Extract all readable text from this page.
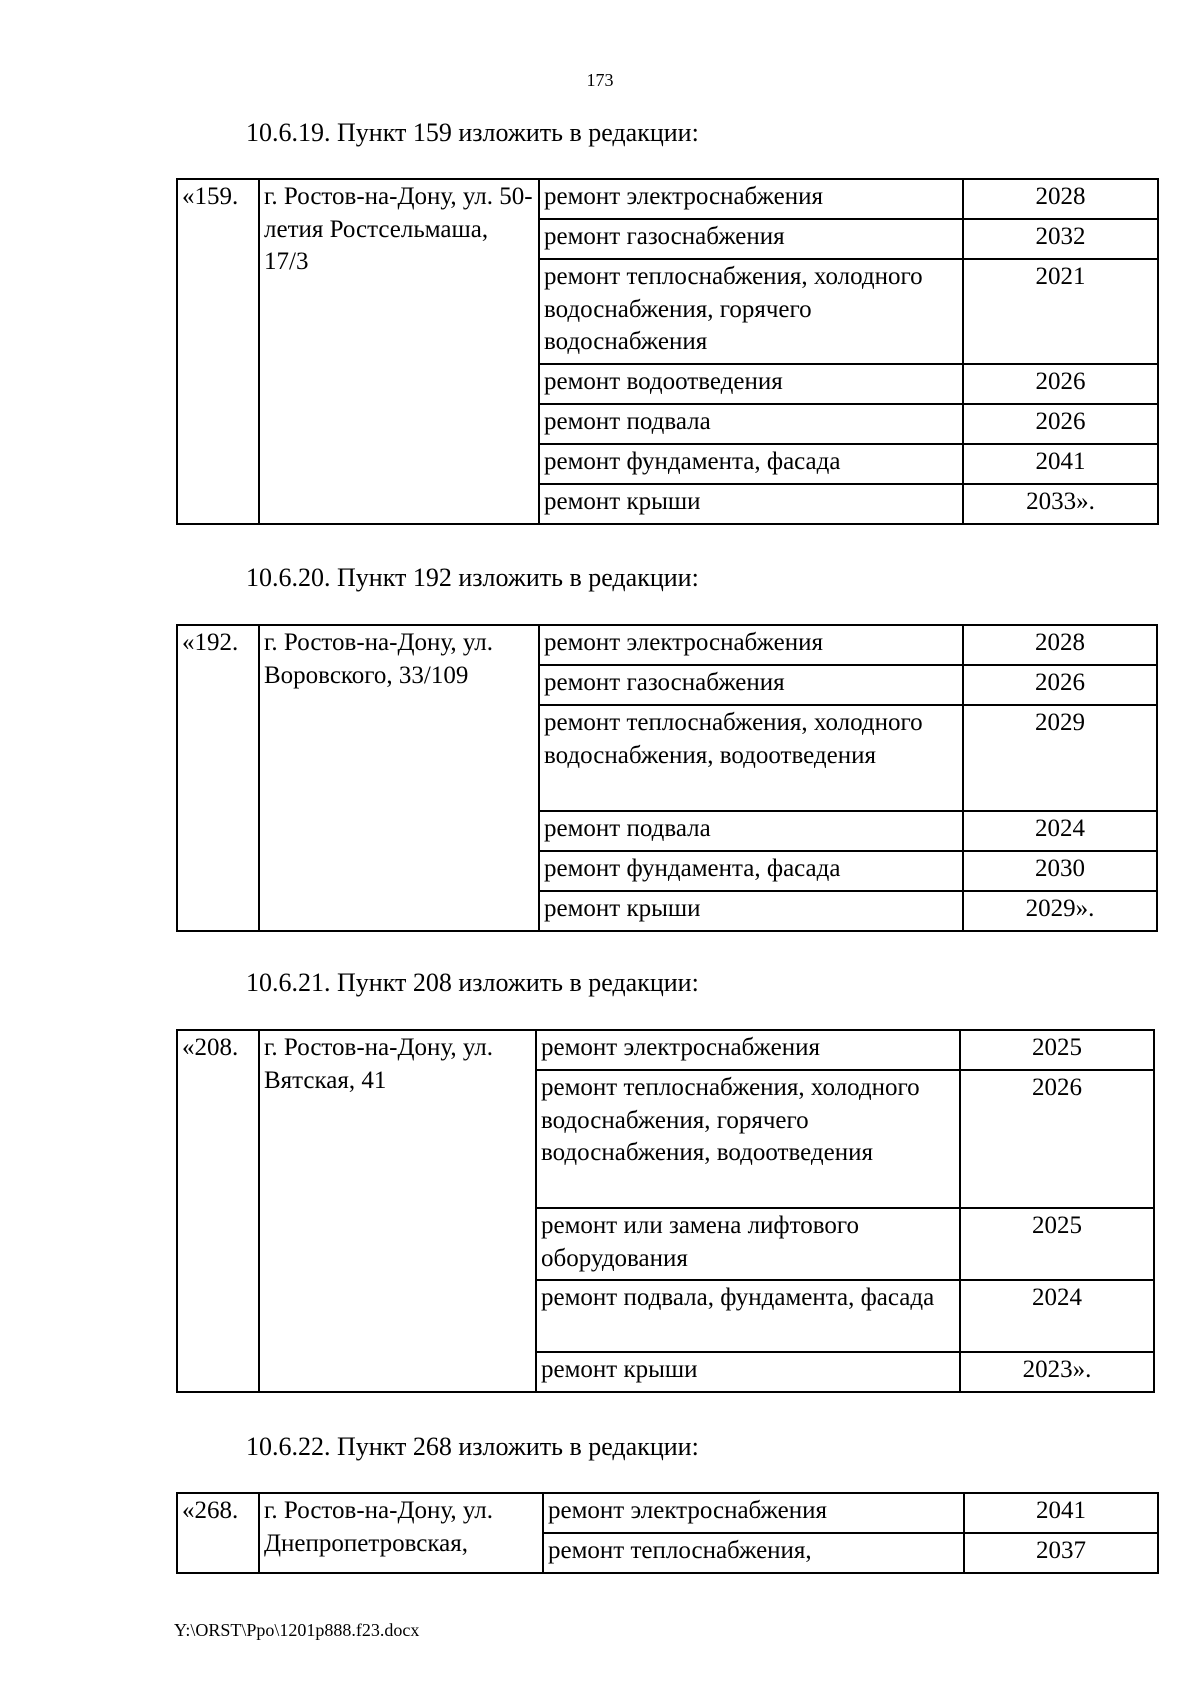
173
10.6.19. Пункт 159 изложить в редакции:
«159.	г. Ростов-на-Дону, ул. 50-летия Ростсельмаша, 17/3	ремонт электроснабжения	2028
		ремонт газоснабжения	2032
		ремонт теплоснабжения, холодного водоснабжения, горячего водоснабжения	2021
		ремонт водоотведения	2026
		ремонт подвала	2026
		ремонт фундамента, фасада	2041
		ремонт крыши	2033».
10.6.20. Пункт 192 изложить в редакции:
«192.	г. Ростов-на-Дону, ул. Воровского, 33/109	ремонт электроснабжения	2028
		ремонт газоснабжения	2026
		ремонт теплоснабжения, холодного водоснабжения, водоотведения	2029
		ремонт подвала	2024
		ремонт фундамента, фасада	2030
		ремонт крыши	2029».
10.6.21. Пункт 208 изложить в редакции:
«208.	г. Ростов-на-Дону, ул. Вятская, 41	ремонт электроснабжения	2025
		ремонт теплоснабжения, холодного водоснабжения, горячего водоснабжения, водоотведения	2026
		ремонт или замена лифтового оборудования	2025
		ремонт подвала, фундамента, фасада	2024
		ремонт крыши	2023».
10.6.22. Пункт 268 изложить в редакции:
«268.	г. Ростов-на-Дону, ул. Днепропетровская,	ремонт электроснабжения	2041
		ремонт теплоснабжения,	2037
Y:\ORST\Ppo\1201p888.f23.docx
